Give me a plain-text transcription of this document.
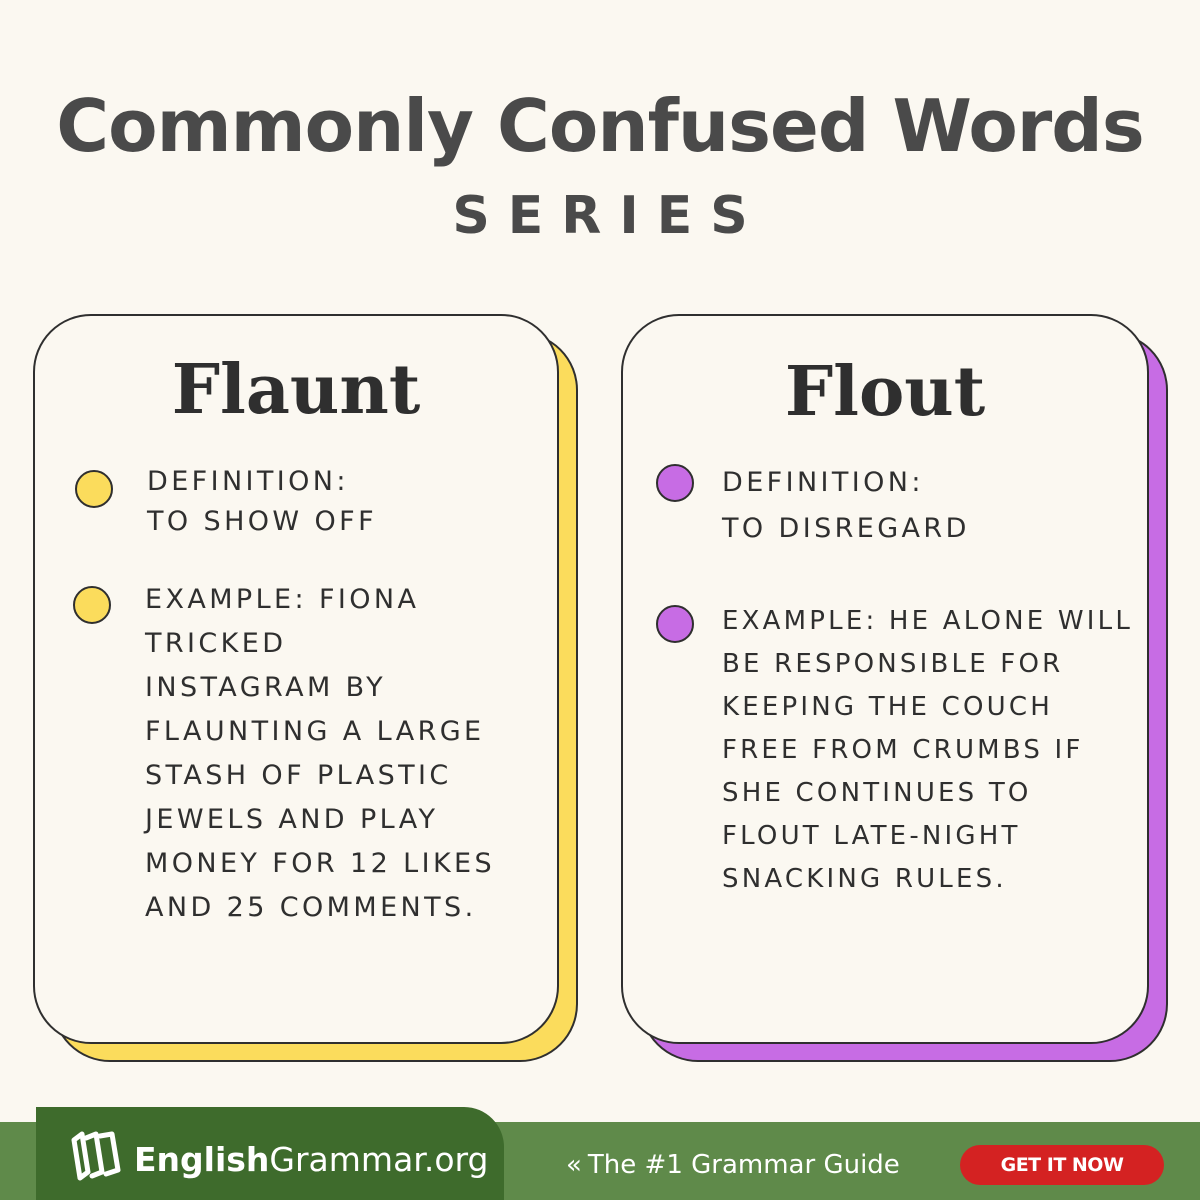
Commonly Confused Words
SERIES
Flaunt
DEFINITION:
TO SHOW OFF
EXAMPLE: FIONA
TRICKED
INSTAGRAM BY
FLAUNTING A LARGE
STASH OF PLASTIC
JEWELS AND PLAY
MONEY FOR 12 LIKES
AND 25 COMMENTS.
Flout
DEFINITION:
TO DISREGARD
EXAMPLE: HE ALONE WILL
BE RESPONSIBLE FOR
KEEPING THE COUCH
FREE FROM CRUMBS IF
SHE CONTINUES TO
FLOUT LATE-NIGHT
SNACKING RULES.
EnglishGrammar.org	« The #1 Grammar Guide	GET IT NOW
